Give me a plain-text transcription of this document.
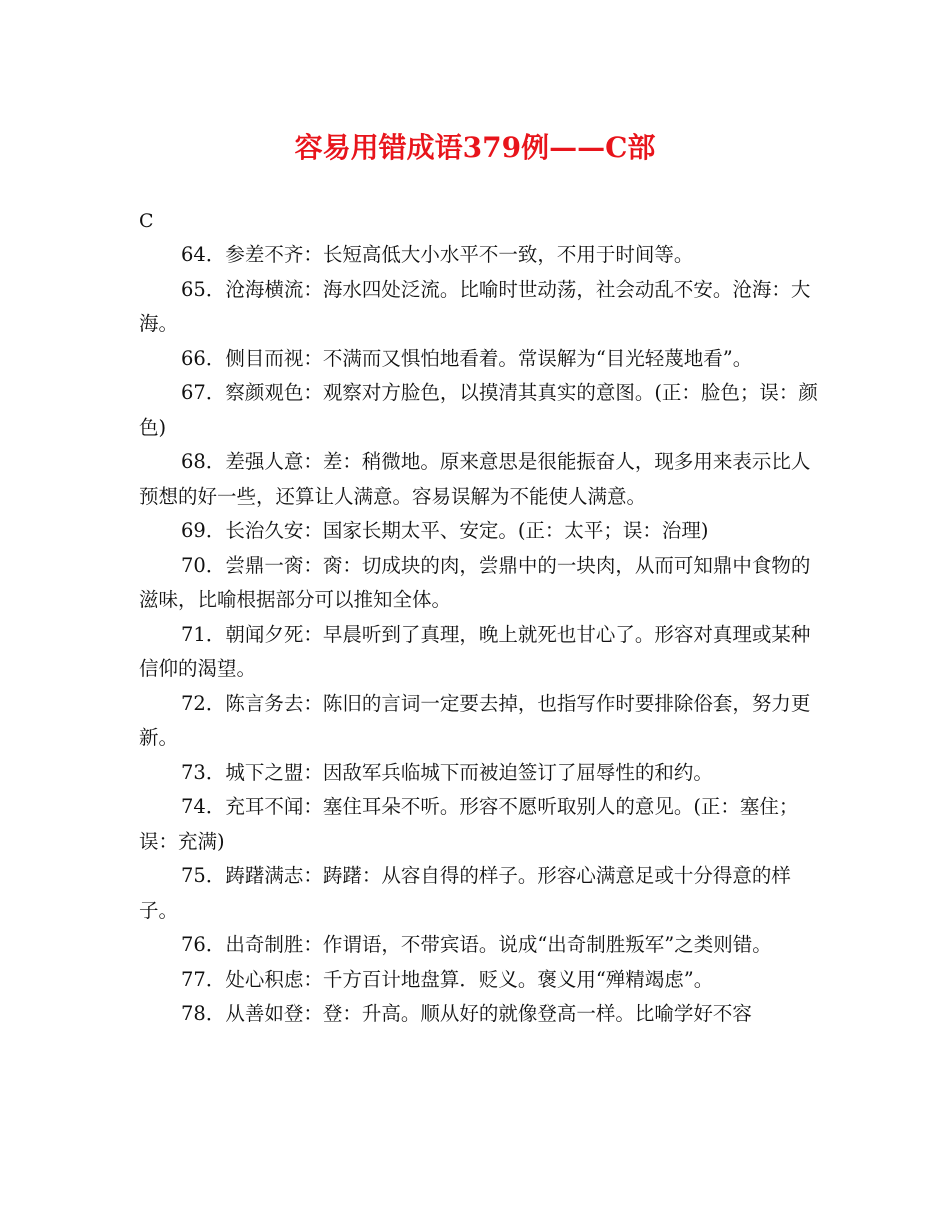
容易用错成语379例——C部
C

64．参差不齐：长短高低大小水平不一致，不用于时间等。

65．沧海横流：海水四处泛流。比喻时世动荡，社会动乱不安。沧海：大海。

66．侧目而视：不满而又惧怕地看着。常误解为“目光轻蔑地看”。

67．察颜观色：观察对方脸色，以摸清其真实的意图。(正：脸色；误：颜色)

68．差强人意：差：稍微地。原来意思是很能振奋人，现多用来表示比人预想的好一些，还算让人满意。容易误解为不能使人满意。

69．长治久安：国家长期太平、安定。(正：太平；误：治理)

70．尝鼎一脔：脔：切成块的肉，尝鼎中的一块肉，从而可知鼎中食物的滋味，比喻根据部分可以推知全体。

71．朝闻夕死：早晨听到了真理，晚上就死也甘心了。形容对真理或某种信仰的渴望。

72．陈言务去：陈旧的言词一定要去掉，也指写作时要排除俗套，努力更新。

73．城下之盟：因敌军兵临城下而被迫签订了屈辱性的和约。

74．充耳不闻：塞住耳朵不听。形容不愿听取别人的意见。(正：塞住；误：充满)

75．踌躇满志：踌躇：从容自得的样子。形容心满意足或十分得意的样子。

76．出奇制胜：作谓语，不带宾语。说成“出奇制胜叛军”之类则错。

77．处心积虑：千方百计地盘算．贬义。褒义用“殚精竭虑”。

78．从善如登：登：升高。顺从好的就像登高一样。比喻学好不容
